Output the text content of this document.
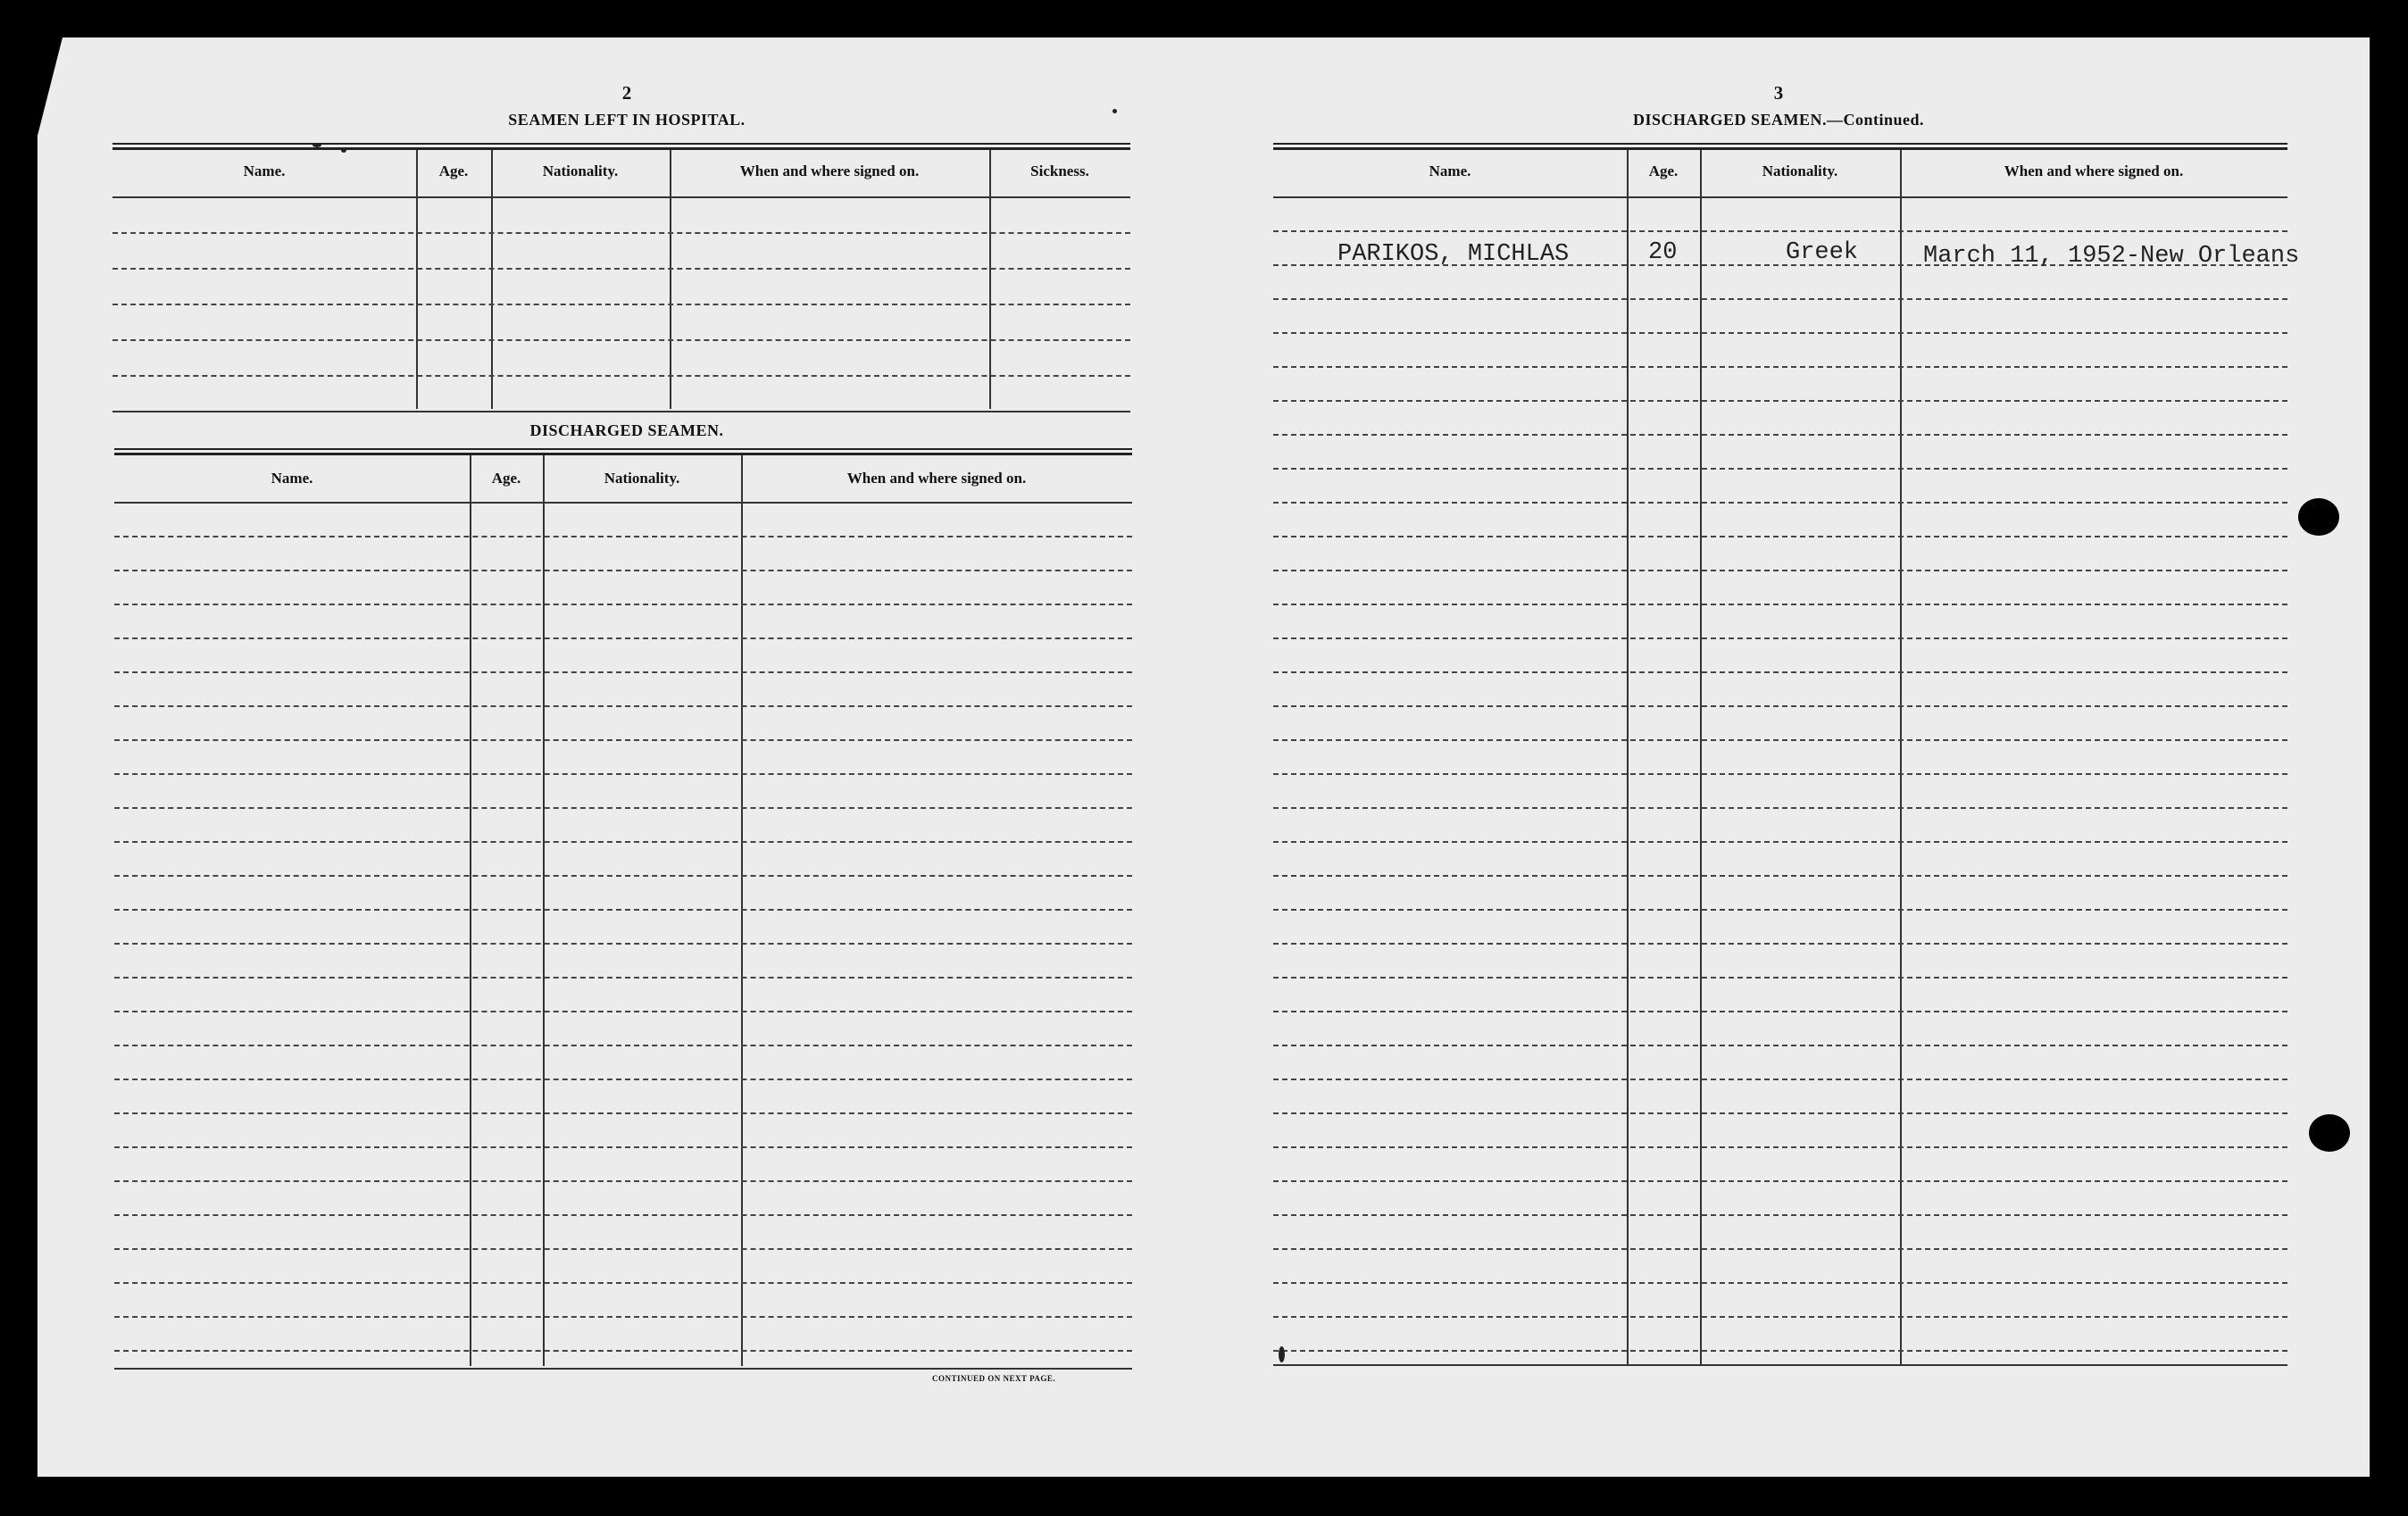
2
SEAMEN LEFT IN HOSPITAL.
Name.	Age.	Nationality.	When and where signed on.	Sickness.
DISCHARGED SEAMEN.
Name.	Age.	Nationality.	When and where signed on.
CONTINUED ON NEXT PAGE.
3
DISCHARGED SEAMEN.—Continued.
Name.	Age.	Nationality.	When and where signed on.
PARIKOS, MICHLAS	20	Greek	March 11, 1952-New Orleans
